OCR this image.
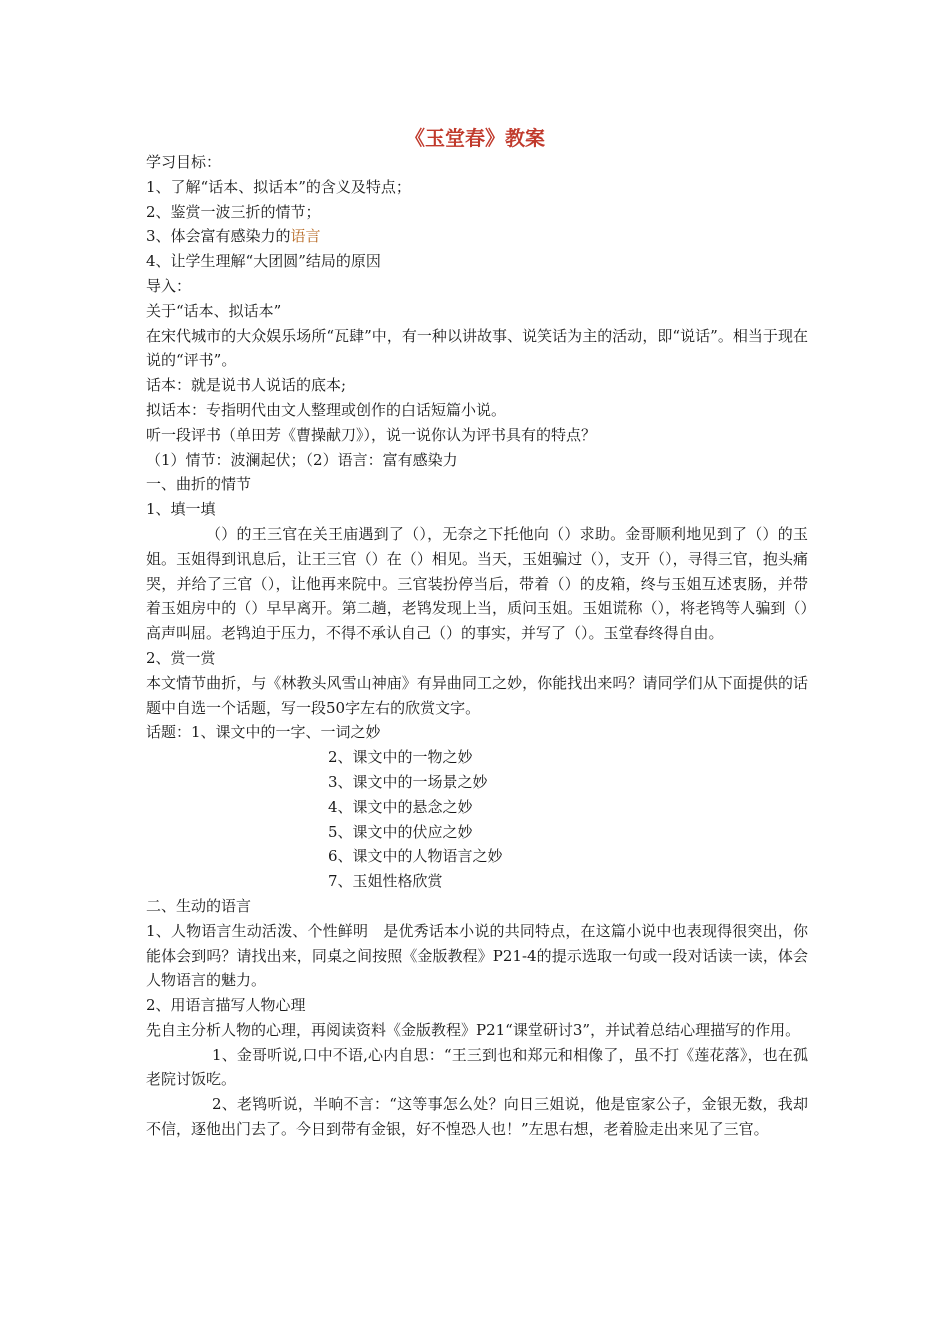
《玉堂春》教案
学习目标：
1、了解“话本、拟话本”的含义及特点；
2、鉴赏一波三折的情节；
3、体会富有感染力的语言
4、让学生理解“大团圆”结局的原因
导入：
关于“话本、拟话本”
在宋代城市的大众娱乐场所“瓦肆”中，有一种以讲故事、说笑话为主的活动，即“说话”。相当于现在说的“评书”。
话本：就是说书人说话的底本;
拟话本：专指明代由文人整理或创作的白话短篇小说。
听一段评书（单田芳《曹操献刀》），说一说你认为评书具有的特点？
（1）情节：波澜起伏；（2）语言：富有感染力
一、曲折的情节
1、填一填
（）的王三官在关王庙遇到了（），无奈之下托他向（）求助。金哥顺利地见到了（）的玉姐。玉姐得到讯息后，让王三官（）在（）相见。当天，玉姐骗过（），支开（），寻得三官，抱头痛哭，并给了三官（），让他再来院中。三官装扮停当后，带着（）的皮箱，终与玉姐互述衷肠，并带着玉姐房中的（）早早离开。第二趟，老鸨发现上当，质问玉姐。玉姐谎称（），将老鸨等人骗到（）高声叫屈。老鸨迫于压力，不得不承认自己（）的事实，并写了（）。玉堂春终得自由。
2、赏一赏
本文情节曲折，与《林教头风雪山神庙》有异曲同工之妙，你能找出来吗？请同学们从下面提供的话题中自选一个话题，写一段50字左右的欣赏文字。
话题：1、课文中的一字、一词之妙
2、课文中的一物之妙
3、课文中的一场景之妙
4、课文中的悬念之妙
5、课文中的伏应之妙
6、课文中的人物语言之妙
7、玉姐性格欣赏
二、生动的语言
1、人物语言生动活泼、个性鲜明　是优秀话本小说的共同特点，在这篇小说中也表现得很突出，你能体会到吗？请找出来，同桌之间按照《金版教程》P21-4的提示选取一句或一段对话读一读，体会人物语言的魅力。
2、用语言描写人物心理
先自主分析人物的心理，再阅读资料《金版教程》P21“课堂研讨3”，并试着总结心理描写的作用。
1、金哥听说,口中不语,心内自思：“王三到也和郑元和相像了，虽不打《莲花落》，也在孤老院讨饭吃。
2、老鸨听说，半晌不言：“这等事怎么处？向日三姐说，他是宦家公子，金银无数，我却不信，逐他出门去了。今日到带有金银，好不惶恐人也！”左思右想，老着脸走出来见了三官。
